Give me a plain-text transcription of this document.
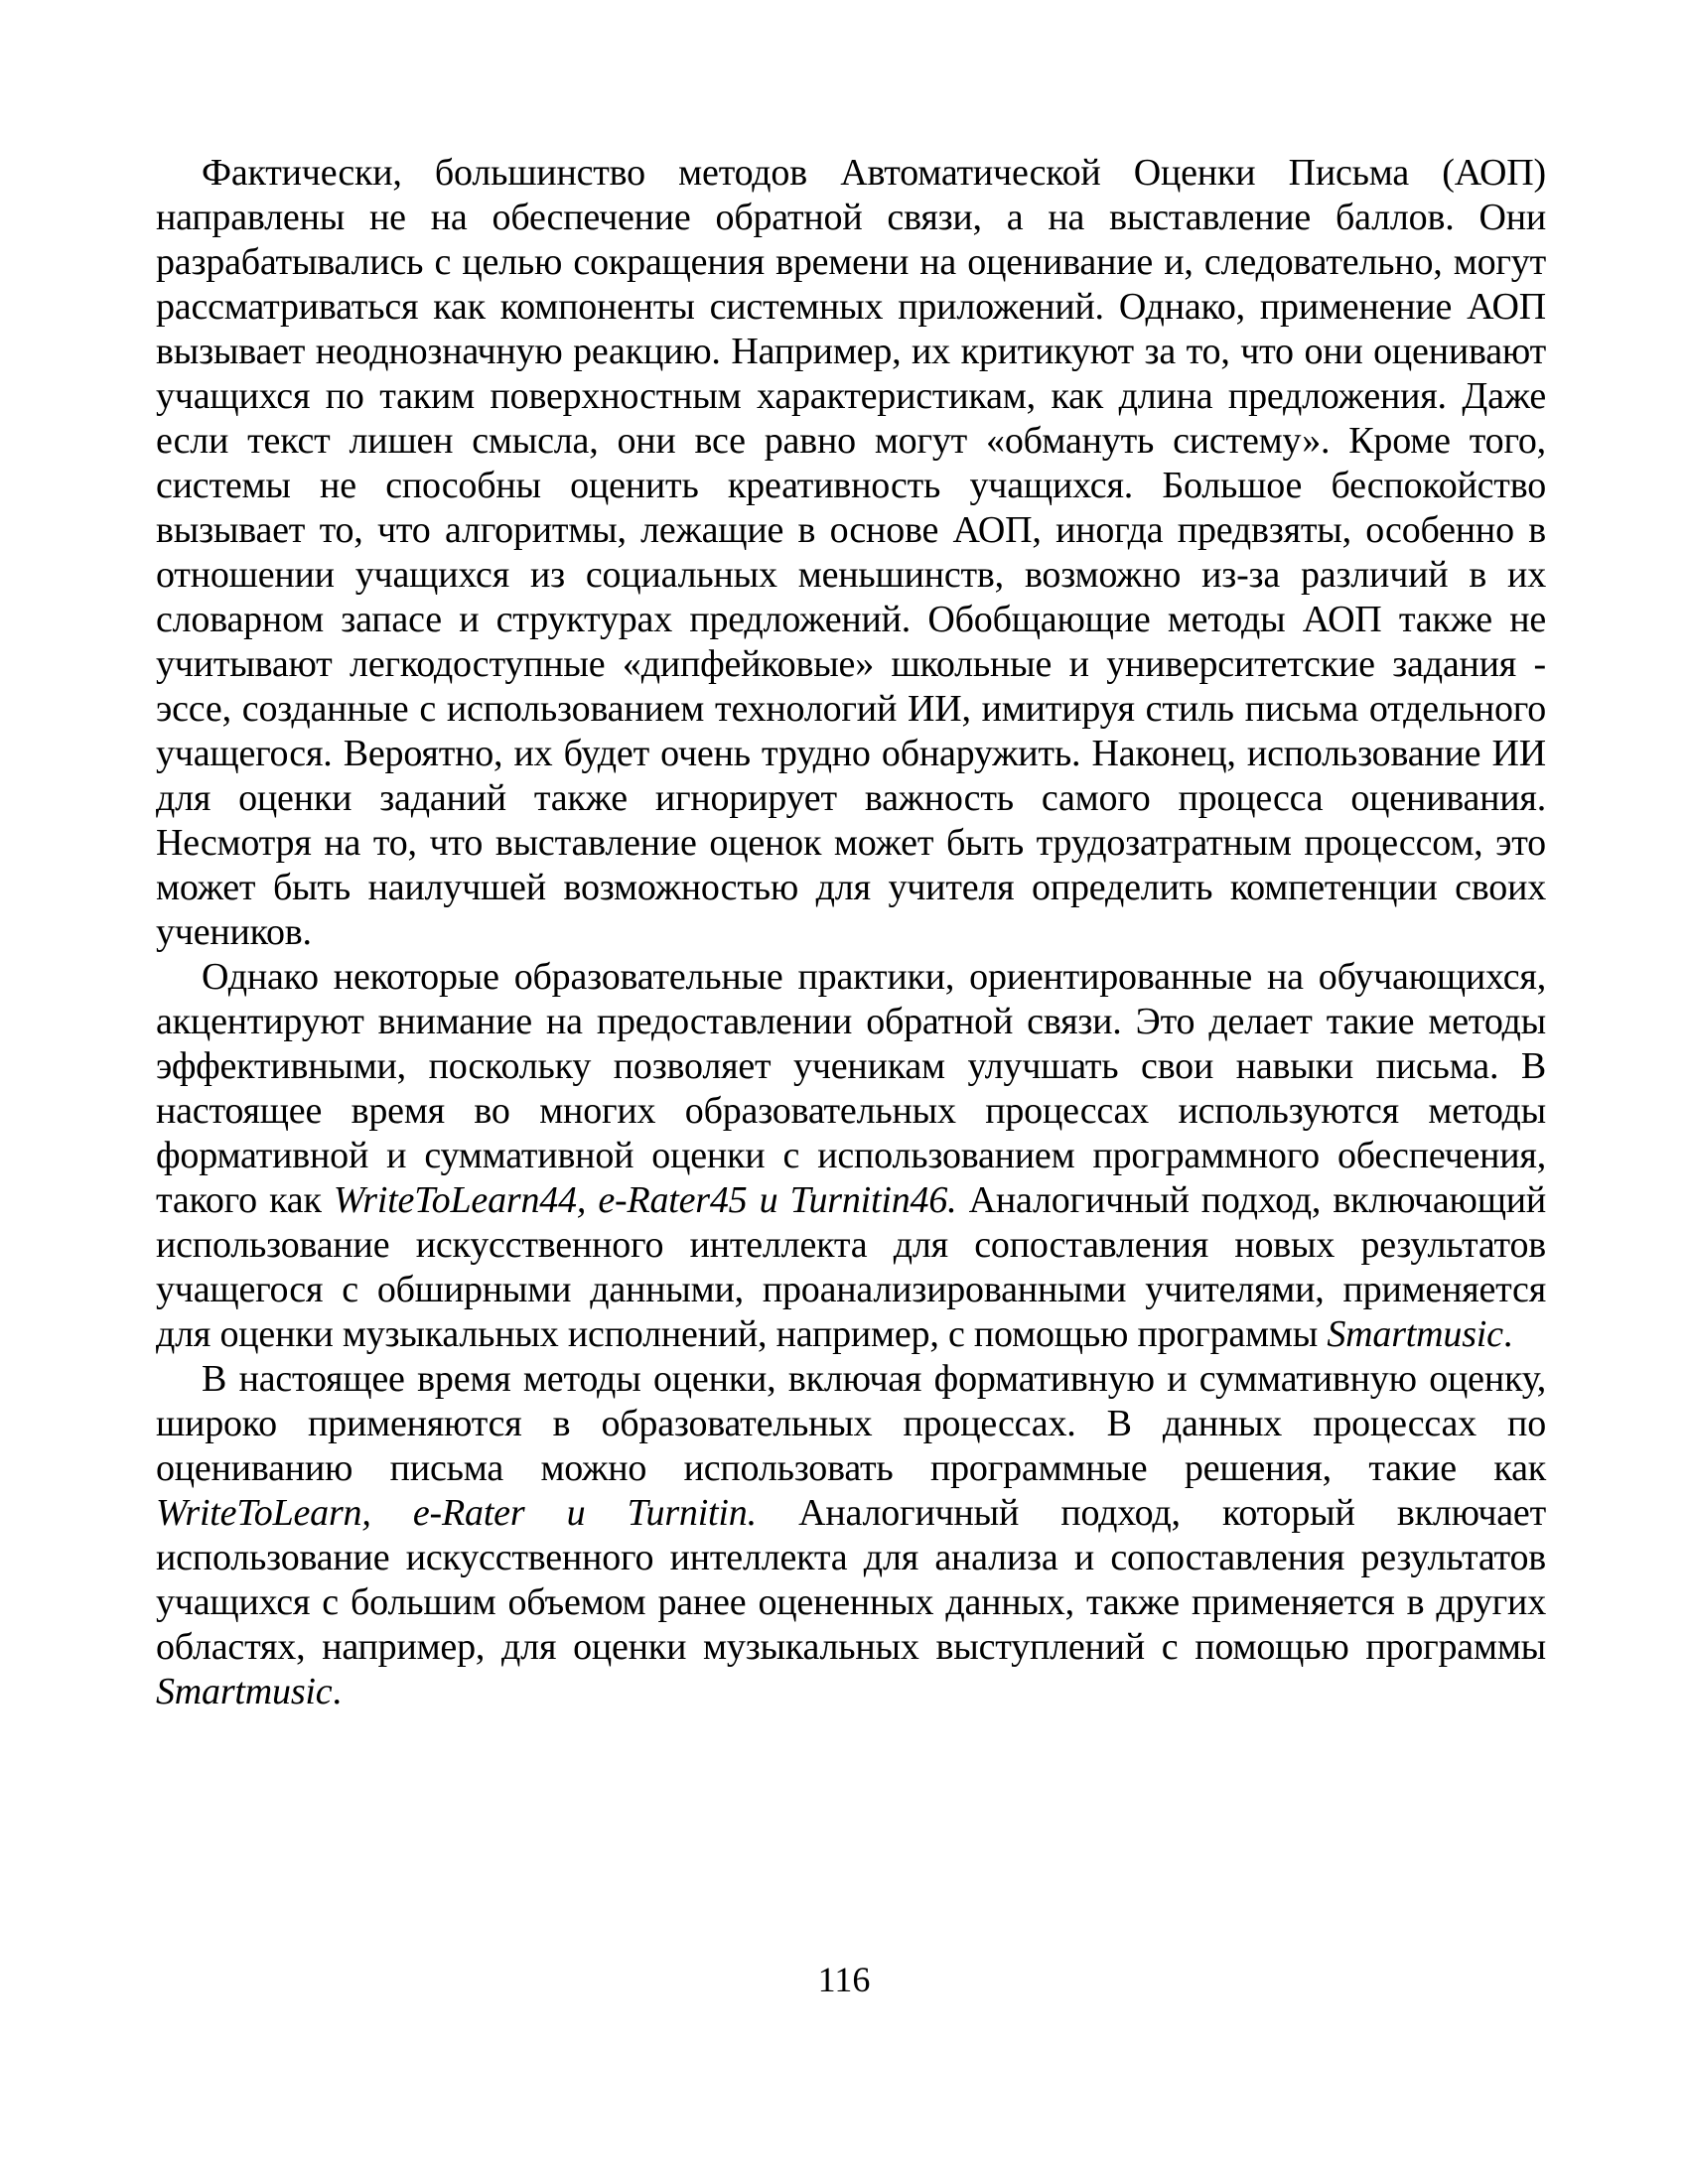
Фактически, большинство методов Автоматической Оценки Письма (АОП) направлены не на обеспечение обратной связи, а на выставление баллов. Они разрабатывались с целью сокращения времени на оценивание и, следовательно, могут рассматриваться как компоненты системных приложений. Однако, применение АОП вызывает неоднозначную реакцию. Например, их критикуют за то, что они оценивают учащихся по таким поверхностным характеристикам, как длина предложения. Даже если текст лишен смысла, они все равно могут «обмануть систему». Кроме того, системы не способны оценить креативность учащихся. Большое беспокойство вызывает то, что алгоритмы, лежащие в основе АОП, иногда предвзяты, особенно в отношении учащихся из социальных меньшинств, возможно из-за различий в их словарном запасе и структурах предложений. Обобщающие методы АОП также не учитывают легкодоступные «дипфейковые» школьные и университетские задания - эссе, созданные с использованием технологий ИИ, имитируя стиль письма отдельного учащегося. Вероятно, их будет очень трудно обнаружить. Наконец, использование ИИ для оценки заданий также игнорирует важность самого процесса оценивания. Несмотря на то, что выставление оценок может быть трудозатратным процессом, это может быть наилучшей возможностью для учителя определить компетенции своих учеников.

Однако некоторые образовательные практики, ориентированные на обучающихся, акцентируют внимание на предоставлении обратной связи. Это делает такие методы эффективными, поскольку позволяет ученикам улучшать свои навыки письма. В настоящее время во многих образовательных процессах используются методы формативной и суммативной оценки с использованием программного обеспечения, такого как WriteToLearn44, e-Rater45 и Turnitin46. Аналогичный подход, включающий использование искусственного интеллекта для сопоставления новых результатов учащегося с обширными данными, проанализированными учителями, применяется для оценки музыкальных исполнений, например, с помощью программы Smartmusic.

В настоящее время методы оценки, включая формативную и суммативную оценку, широко применяются в образовательных процессах. В данных процессах по оцениванию письма можно использовать программные решения, такие как WriteToLearn, e-Rater и Turnitin. Аналогичный подход, который включает использование искусственного интеллекта для анализа и сопоставления результатов учащихся с большим объемом ранее оцененных данных, также применяется в других областях, например, для оценки музыкальных выступлений с помощью программы Smartmusic.

116
